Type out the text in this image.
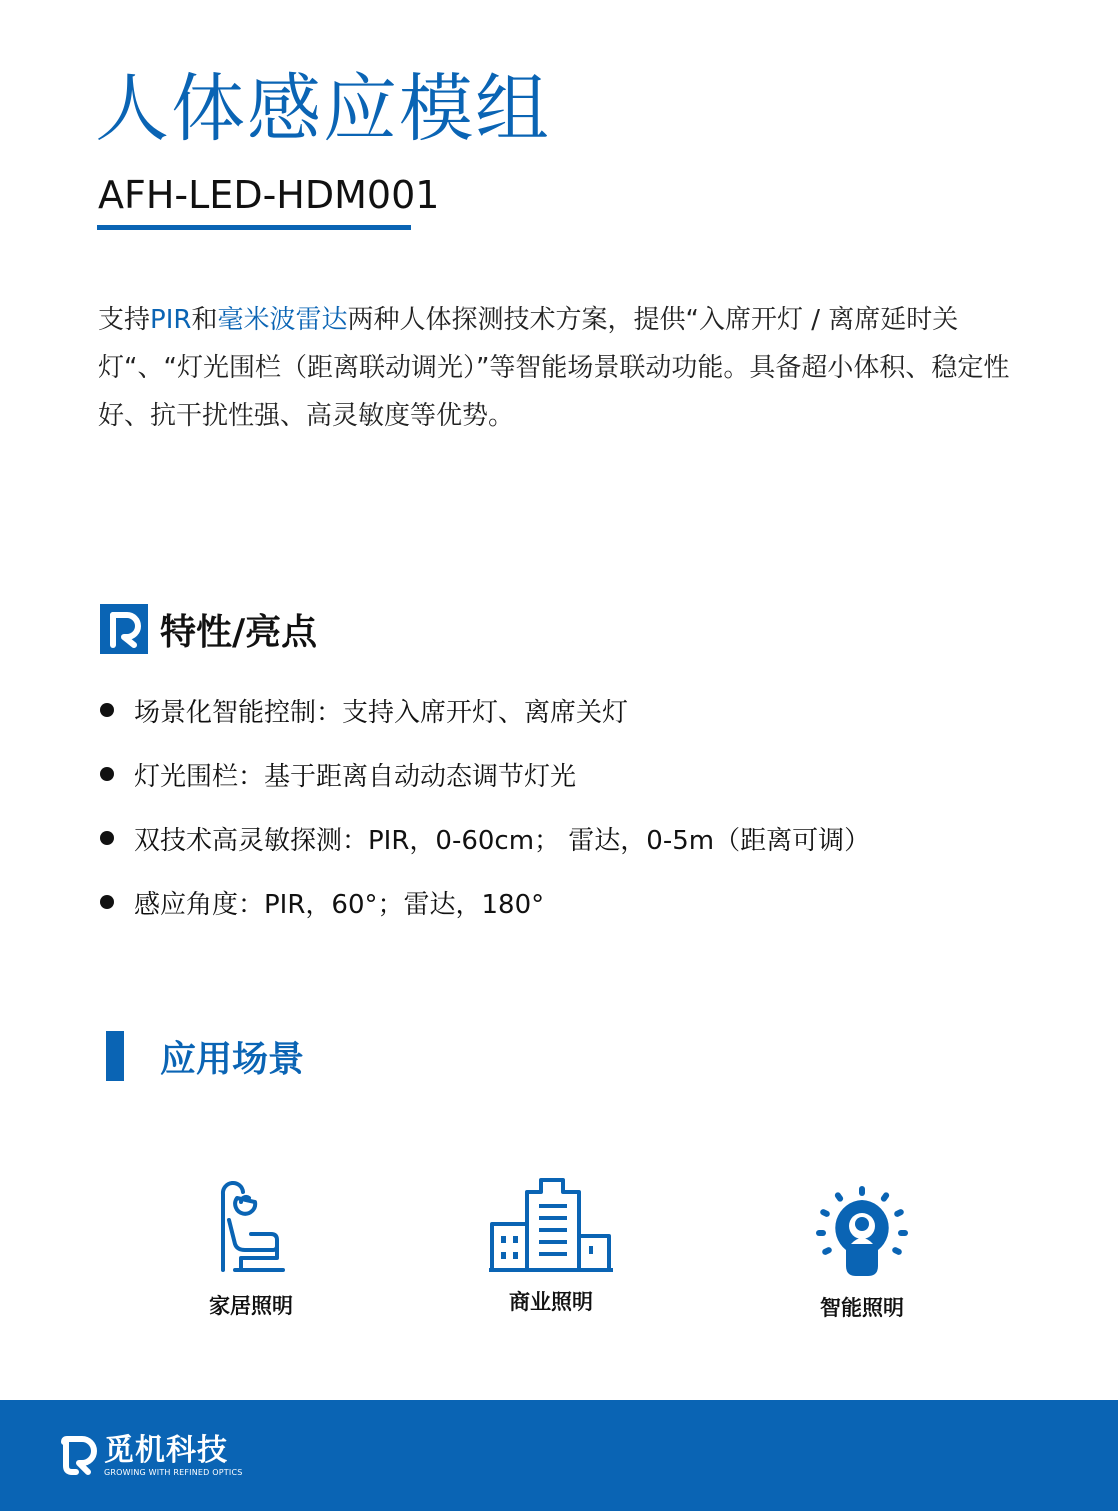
人体感应模组
AFH-LED-HDM001

支持PIR和毫米波雷达两种人体探测技术方案，提供“入席开灯 / 离席延时关灯“、“灯光围栏（距离联动调光）”等智能场景联动功能。具备超小体积、稳定性好、抗干扰性强、高灵敏度等优势。

特性/亮点
场景化智能控制：支持入席开灯、离席关灯
灯光围栏：基于距离自动动态调节灯光
双技术高灵敏探测：PIR，0-60cm； 雷达，0-5m（距离可调）
感应角度：PIR，60°；雷达，180°
应用场景
家居照明	商业照明	智能照明
觅机科技
GROWING WITH REFINED OPTICS
